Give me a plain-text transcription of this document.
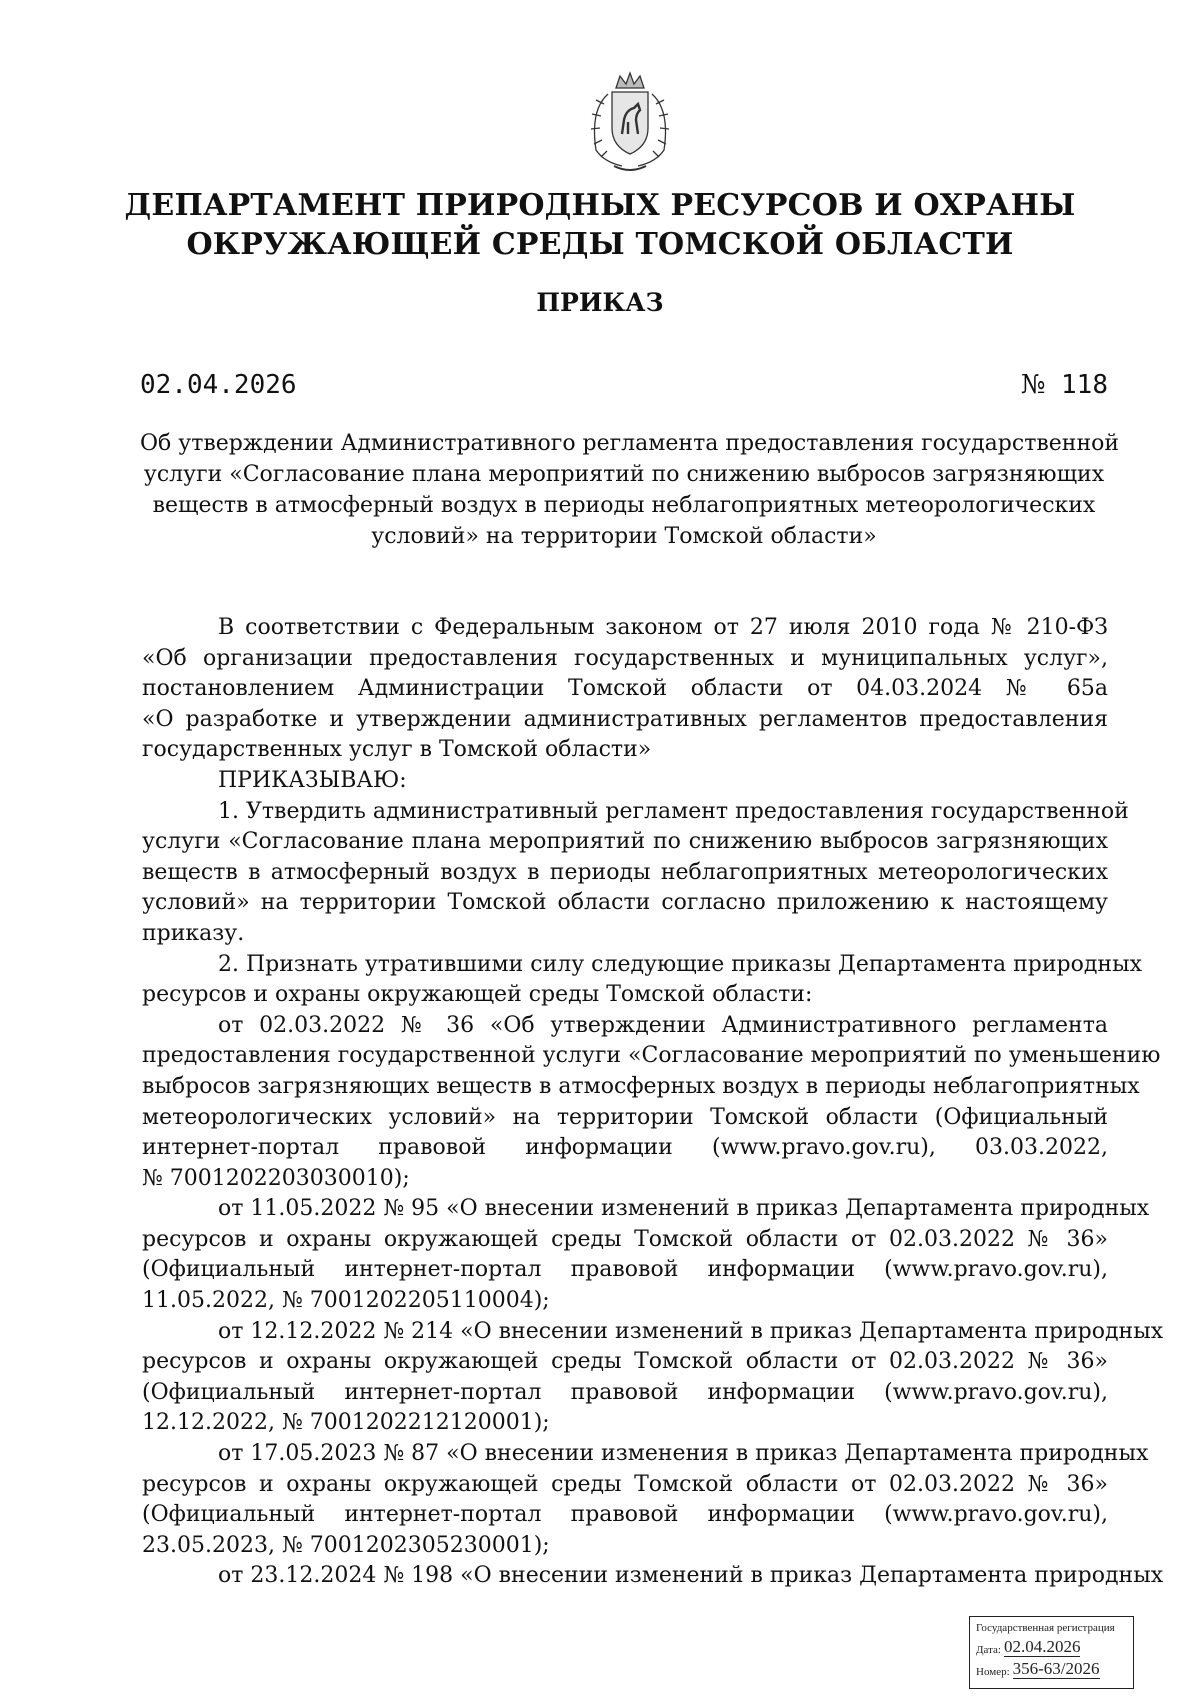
ДЕПАРТАМЕНТ ПРИРОДНЫХ РЕСУРСОВ И ОХРАНЫ
ОКРУЖАЮЩЕЙ СРЕДЫ ТОМСКОЙ ОБЛАСТИ
ПРИКАЗ
02.04.2026	№ 118
Об утверждении Административного регламента предоставления государственной
услуги «Согласование плана мероприятий по снижению выбросов загрязняющих
веществ в атмосферный воздух в периоды неблагоприятных метеорологических
условий» на территории Томской области»
В соответствии с Федеральным законом от 27 июля 2010 года № 210-ФЗ
«Об организации предоставления государственных и муниципальных услуг»,
постановлением Администрации Томской области от 04.03.2024 № 65а
«О разработке и утверждении административных регламентов предоставления
государственных услуг в Томской области»
ПРИКАЗЫВАЮ:
1. Утвердить административный регламент предоставления государственной
услуги «Согласование плана мероприятий по снижению выбросов загрязняющих
веществ в атмосферный воздух в периоды неблагоприятных метеорологических
условий» на территории Томской области согласно приложению к настоящему
приказу.
2. Признать утратившими силу следующие приказы Департамента природных
ресурсов и охраны окружающей среды Томской области:
от 02.03.2022 № 36 «Об утверждении Административного регламента
предоставления государственной услуги «Согласование мероприятий по уменьшению
выбросов загрязняющих веществ в атмосферных воздух в периоды неблагоприятных
метеорологических условий» на территории Томской области (Официальный
интернет-портал правовой информации (www.pravo.gov.ru), 03.03.2022,
№ 7001202203030010);
от 11.05.2022 № 95 «О внесении изменений в приказ Департамента природных
ресурсов и охраны окружающей среды Томской области от 02.03.2022 № 36»
(Официальный интернет-портал правовой информации (www.pravo.gov.ru),
11.05.2022, № 7001202205110004);
от 12.12.2022 № 214 «О внесении изменений в приказ Департамента природных
ресурсов и охраны окружающей среды Томской области от 02.03.2022 № 36»
(Официальный интернет-портал правовой информации (www.pravo.gov.ru),
12.12.2022, № 7001202212120001);
от 17.05.2023 № 87 «О внесении изменения в приказ Департамента природных
ресурсов и охраны окружающей среды Томской области от 02.03.2022 № 36»
(Официальный интернет-портал правовой информации (www.pravo.gov.ru),
23.05.2023, № 7001202305230001);
от 23.12.2024 № 198 «О внесении изменений в приказ Департамента природных
Государственная регистрация
Дата: 02.04.2026
Номер: 356-63/2026
